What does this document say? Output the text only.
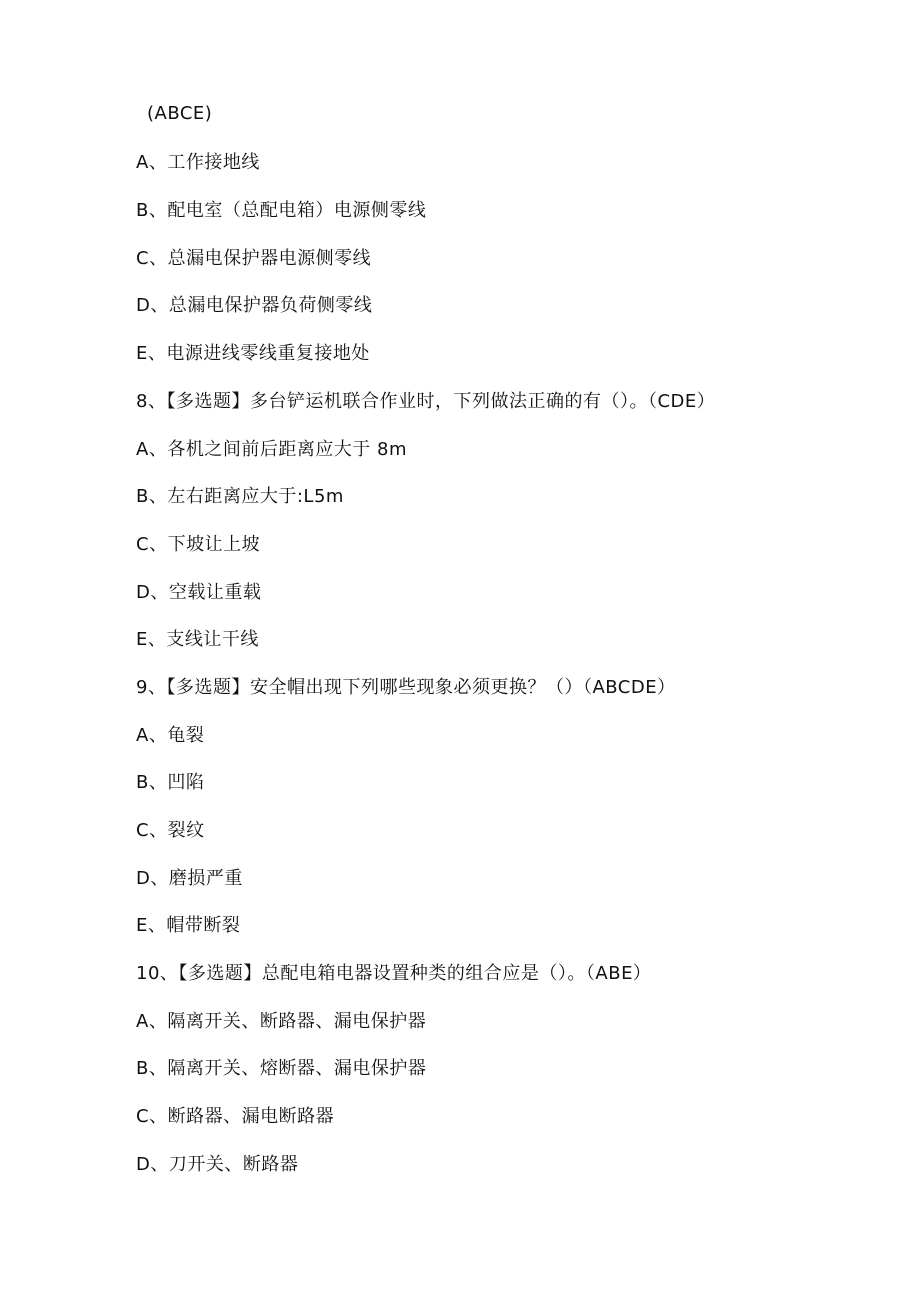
(ABCE)
A、工作接地线
B、配电室（总配电箱）电源侧零线
C、总漏电保护器电源侧零线
D、总漏电保护器负荷侧零线
E、电源进线零线重复接地处
8、【多选题】多台铲运机联合作业时，下列做法正确的有（）。（CDE）
A、各机之间前后距离应大于 8m
B、左右距离应大于:L5m
C、下坡让上坡
D、空载让重载
E、支线让干线
9、【多选题】安全帽出现下列哪些现象必须更换？（）（ABCDE）
A、龟裂
B、凹陷
C、裂纹
D、磨损严重
E、帽带断裂
10、【多选题】总配电箱电器设置种类的组合应是（）。（ABE）
A、隔离开关、断路器、漏电保护器
B、隔离开关、熔断器、漏电保护器
C、断路器、漏电断路器
D、刀开关、断路器
